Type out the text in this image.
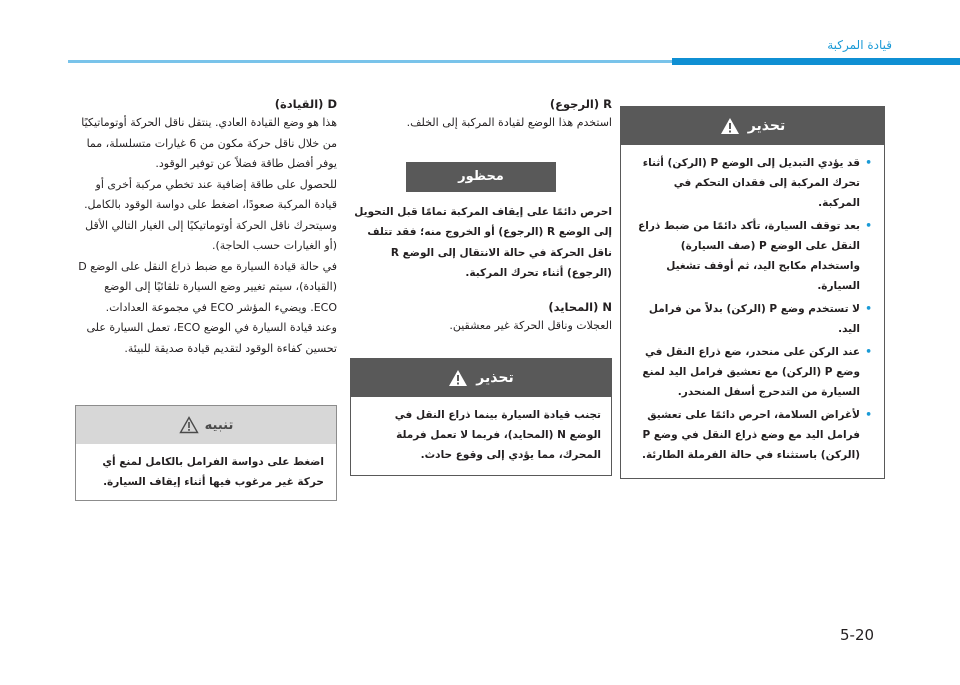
قيادة المركبة
تحذير
• قد يؤدي التبديل إلى الوضع P (الركن) أثناء تحرك المركبة إلى فقدان التحكم في المركبة.
• بعد توقف السيارة، تأكد دائمًا من ضبط ذراع النقل على الوضع P (صف السيارة) واستخدام مكابح اليد، ثم أوقف تشغيل السيارة.
• لا تستخدم وضع P (الركن) بدلاً من فرامل اليد.
• عند الركن على منحدر، ضع ذراع النقل في وضع P (الركن) مع تعشيق فرامل اليد لمنع السيارة من التدحرج أسفل المنحدر.
• لأغراض السلامة، احرص دائمًا على تعشيق فرامل اليد مع وضع ذراع النقل في وضع P (الركن) باستثناء في حالة الفرملة الطارئة.
R (الرجوع)

استخدم هذا الوضع لقيادة المركبة إلى الخلف.

محظور
احرص دائمًا على إيقاف المركبة تمامًا قبل التحويل إلى الوضع R (الرجوع) أو الخروج منه؛ فقد تتلف ناقل الحركة في حالة الانتقال إلى الوضع R (الرجوع) أثناء تحرك المركبة.
N (المحايد)

العجلات وناقل الحركة غير معشقين.

تحذير
تجنب قيادة السيارة بينما ذراع النقل في الوضع N (المحايد)، فربما لا تعمل فرملة المحرك، مما يؤدي إلى وقوع حادث.
D (القيادة)

هذا هو وضع القيادة العادي. ينتقل ناقل الحركة أوتوماتيكيًا من خلال ناقل حركة مكون من 6 غيارات متسلسلة، مما يوفر أفضل طاقة فضلاً عن توفير الوقود.

للحصول على طاقة إضافية عند تخطي مركبة أخرى أو قيادة المركبة صعودًا، اضغط على دواسة الوقود بالكامل. وسيتحرك ناقل الحركة أوتوماتيكيًا إلى الغيار التالي الأقل (أو الغيارات حسب الحاجة).

في حالة قيادة السيارة مع ضبط ذراع النقل على الوضع D (القيادة)، سيتم تغيير وضع السيارة تلقائيًا إلى الوضع ECO. ويضيء المؤشر ECO في مجموعة العدادات.

وعند قيادة السيارة في الوضع ECO، تعمل السيارة على تحسين كفاءة الوقود لتقديم قيادة صديقة للبيئة.

تنبيه
اضغط على دواسة الفرامل بالكامل لمنع أي حركة غير مرغوب فيها أثناء إيقاف السيارة.
5-20
